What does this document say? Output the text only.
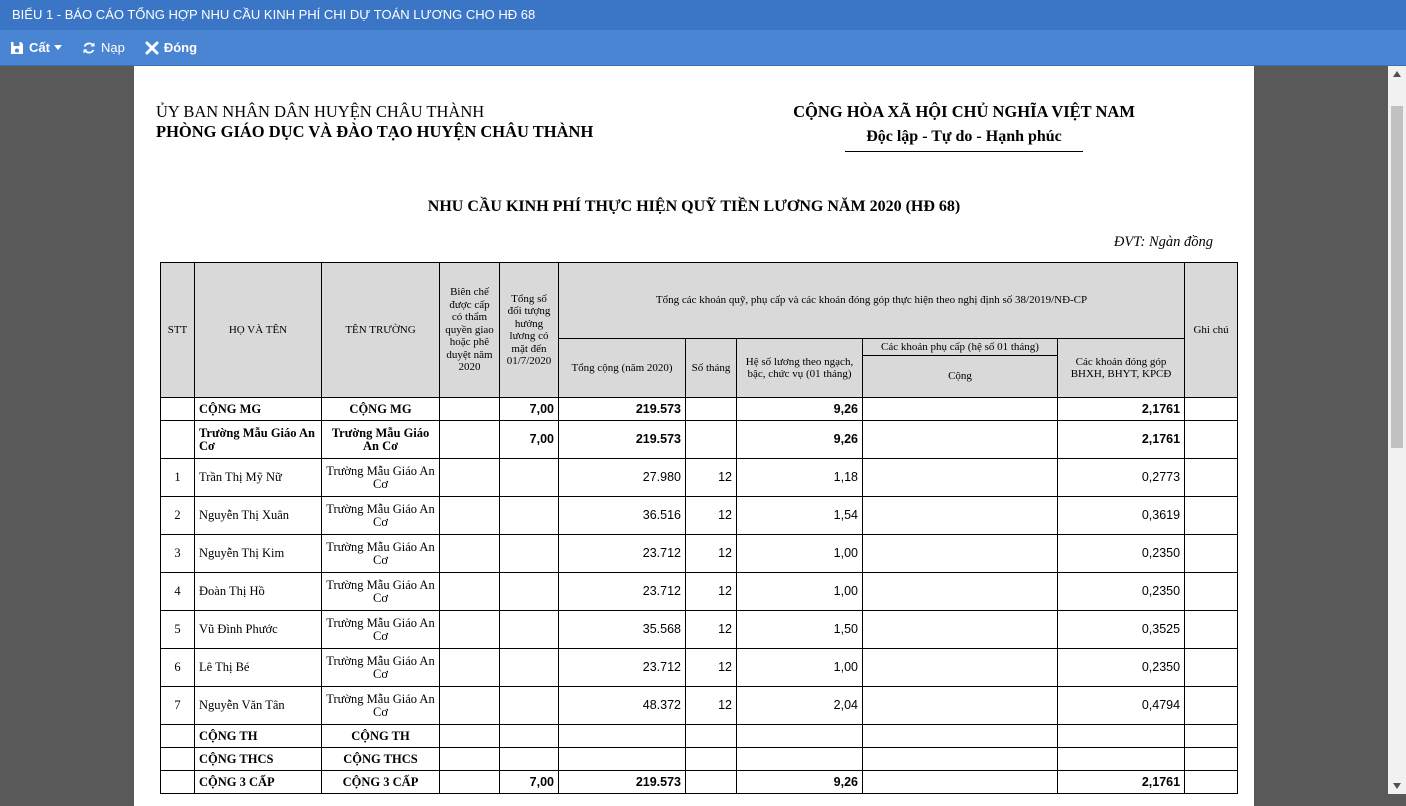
BIỂU 1 - BÁO CÁO TỔNG HỢP NHU CẦU KINH PHÍ CHI DỰ TOÁN LƯƠNG CHO HĐ 68
Cất	Nạp	Đóng
ỦY BAN NHÂN DÂN HUYỆN CHÂU THÀNH
PHÒNG GIÁO DỤC VÀ ĐÀO TẠO HUYỆN CHÂU THÀNH
CỘNG HÒA XÃ HỘI CHỦ NGHĨA VIỆT NAM
Độc lập - Tự do - Hạnh phúc
NHU CẦU KINH PHÍ THỰC HIỆN QUỸ TIỀN LƯƠNG NĂM 2020 (HĐ 68)
ĐVT: Ngàn đồng
STT	HỌ VÀ TÊN	TÊN TRƯỜNG	Biên chế được cấp có thẩm quyền giao hoặc phê duyệt năm 2020	Tổng số đối tượng hưởng lương có mặt đến 01/7/2020	Tổng các khoản quỹ, phụ cấp và các khoản đóng góp thực hiện theo nghị định số 38/2019/NĐ-CP					Ghi chú
					Tổng cộng (năm 2020)	Số tháng	Hệ số lương theo ngạch, bậc, chức vụ (01 tháng)	Các khoản phụ cấp (hệ số 01 tháng)	Các khoản đóng góp BHXH, BHYT, KPCĐ	
								Cộng		
	CỘNG MG	CỘNG MG		7,00	219.573		9,26		2,1761	
	Trường Mẫu Giáo An Cơ	Trường Mẫu Giáo An Cơ		7,00	219.573		9,26		2,1761	
1	Trần Thị Mỹ Nữ	Trường Mẫu Giáo An Cơ			27.980	12	1,18		0,2773	
2	Nguyễn Thị Xuân	Trường Mẫu Giáo An Cơ			36.516	12	1,54		0,3619	
3	Nguyễn Thị Kim	Trường Mẫu Giáo An Cơ			23.712	12	1,00		0,2350	
4	Đoàn Thị Hồ	Trường Mẫu Giáo An Cơ			23.712	12	1,00		0,2350	
5	Vũ Đình Phước	Trường Mẫu Giáo An Cơ			35.568	12	1,50		0,3525	
6	Lê Thị Bé	Trường Mẫu Giáo An Cơ			23.712	12	1,00		0,2350	
7	Nguyễn Văn Tân	Trường Mẫu Giáo An Cơ			48.372	12	2,04		0,4794	
	CỘNG TH	CỘNG TH								
	CỘNG THCS	CỘNG THCS								
	CỘNG 3 CẤP	CỘNG 3 CẤP		7,00	219.573		9,26		2,1761	
